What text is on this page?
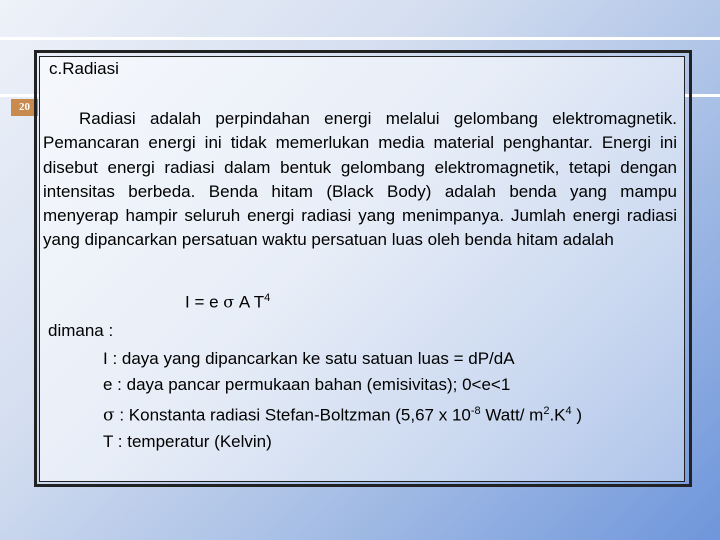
20
c.Radiasi

Radiasi adalah perpindahan energi melalui gelombang elektromagnetik. Pemancaran energi ini tidak memerlukan media material penghantar. Energi ini disebut energi radiasi dalam bentuk gelombang elektromagnetik, tetapi dengan intensitas berbeda. Benda hitam (Black Body) adalah benda yang mampu menyerap hampir seluruh energi radiasi yang menimpanya. Jumlah energi radiasi yang dipancarkan persatuan waktu persatuan luas oleh benda hitam adalah

I = e σ A $T^4$
dimana :
I : daya yang dipancarkan ke satu satuan luas = dP/dA
e : daya pancar permukaan bahan (emisivitas); 0<e<1
σ : Konstanta radiasi Stefan-Boltzman (5,67 x $10^{-8}$ Watt/ $m^2.K^4$ )
T : temperatur (Kelvin)
